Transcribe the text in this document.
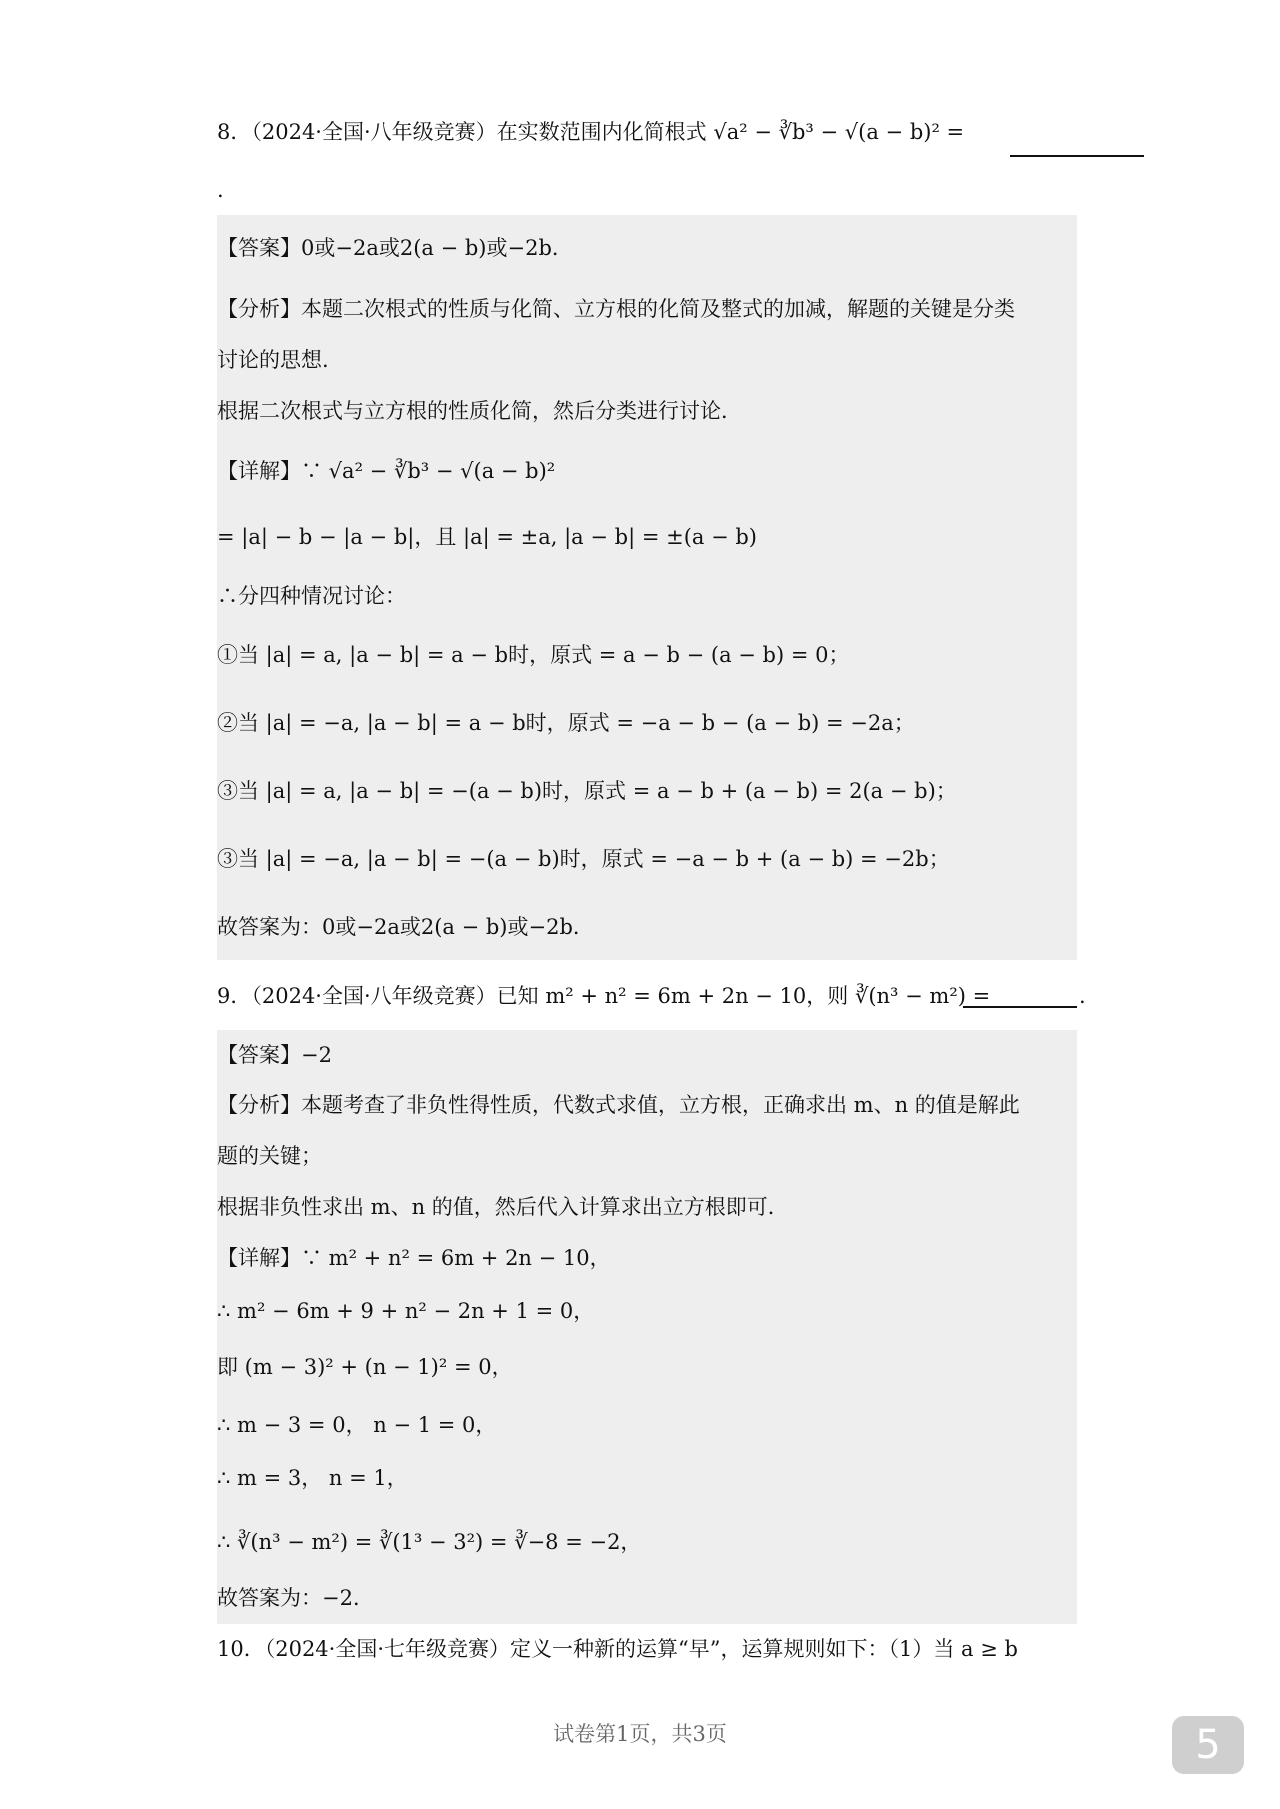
8．（2024·全国·八年级竞赛）在实数范围内化简根式 √a² − ∛b³ − √(a − b)² =
.
【答案】0或−2a或2(a − b)或−2b．
【分析】本题二次根式的性质与化简、立方根的化简及整式的加减，解题的关键是分类
讨论的思想.
根据二次根式与立方根的性质化简，然后分类进行讨论．
【详解】∵ √a² − ∛b³ − √(a − b)²
= |a| − b − |a − b|，且 |a| = ±a, |a − b| = ±(a − b)
∴分四种情况讨论：
①当 |a| = a, |a − b| = a − b时，原式 = a − b − (a − b) = 0；
②当 |a| = −a, |a − b| = a − b时，原式 = −a − b − (a − b) = −2a；
③当 |a| = a, |a − b| = −(a − b)时，原式 = a − b + (a − b) = 2(a − b)；
③当 |a| = −a, |a − b| = −(a − b)时，原式 = −a − b + (a − b) = −2b；
故答案为：0或−2a或2(a − b)或−2b．
9．（2024·全国·八年级竞赛）已知 m² + n² = 6m + 2n − 10，则 ∛(n³ − m²) =	.
【答案】−2
【分析】本题考查了非负性得性质，代数式求值，立方根，正确求出 m、n 的值是解此
题的关键；
根据非负性求出 m、n 的值，然后代入计算求出立方根即可．
【详解】∵ m² + n² = 6m + 2n − 10，
∴ m² − 6m + 9 + n² − 2n + 1 = 0，
即 (m − 3)² + (n − 1)² = 0，
∴ m − 3 = 0， n − 1 = 0，
∴ m = 3， n = 1，
∴ ∛(n³ − m²) = ∛(1³ − 3²) = ∛−8 = −2，
故答案为：−2．
10．（2024·全国·七年级竞赛）定义一种新的运算“早”，运算规则如下：（1）当 a ≥ b
试卷第1页，共3页	5
